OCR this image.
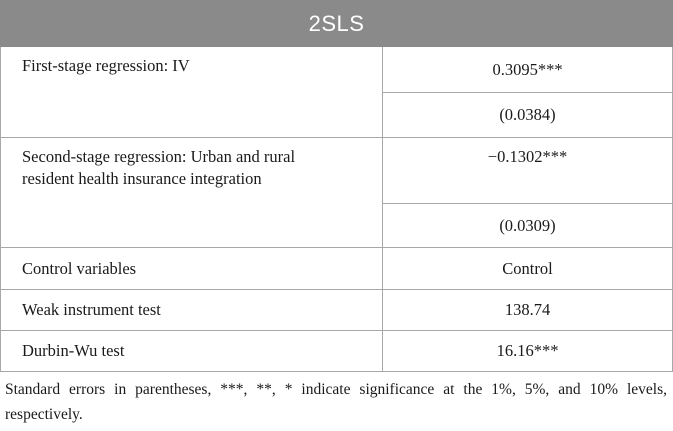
2SLS	
First-stage regression: IV	0.3095***
	(0.0384)
Second-stage regression: Urban and rural resident health insurance integration	−0.1302***
	(0.0309)
Control variables	Control
Weak instrument test	138.74
Durbin-Wu test	16.16***
Standard errors in parentheses, ***, **, * indicate significance at the 1%, 5%, and 10% levels, respectively.
